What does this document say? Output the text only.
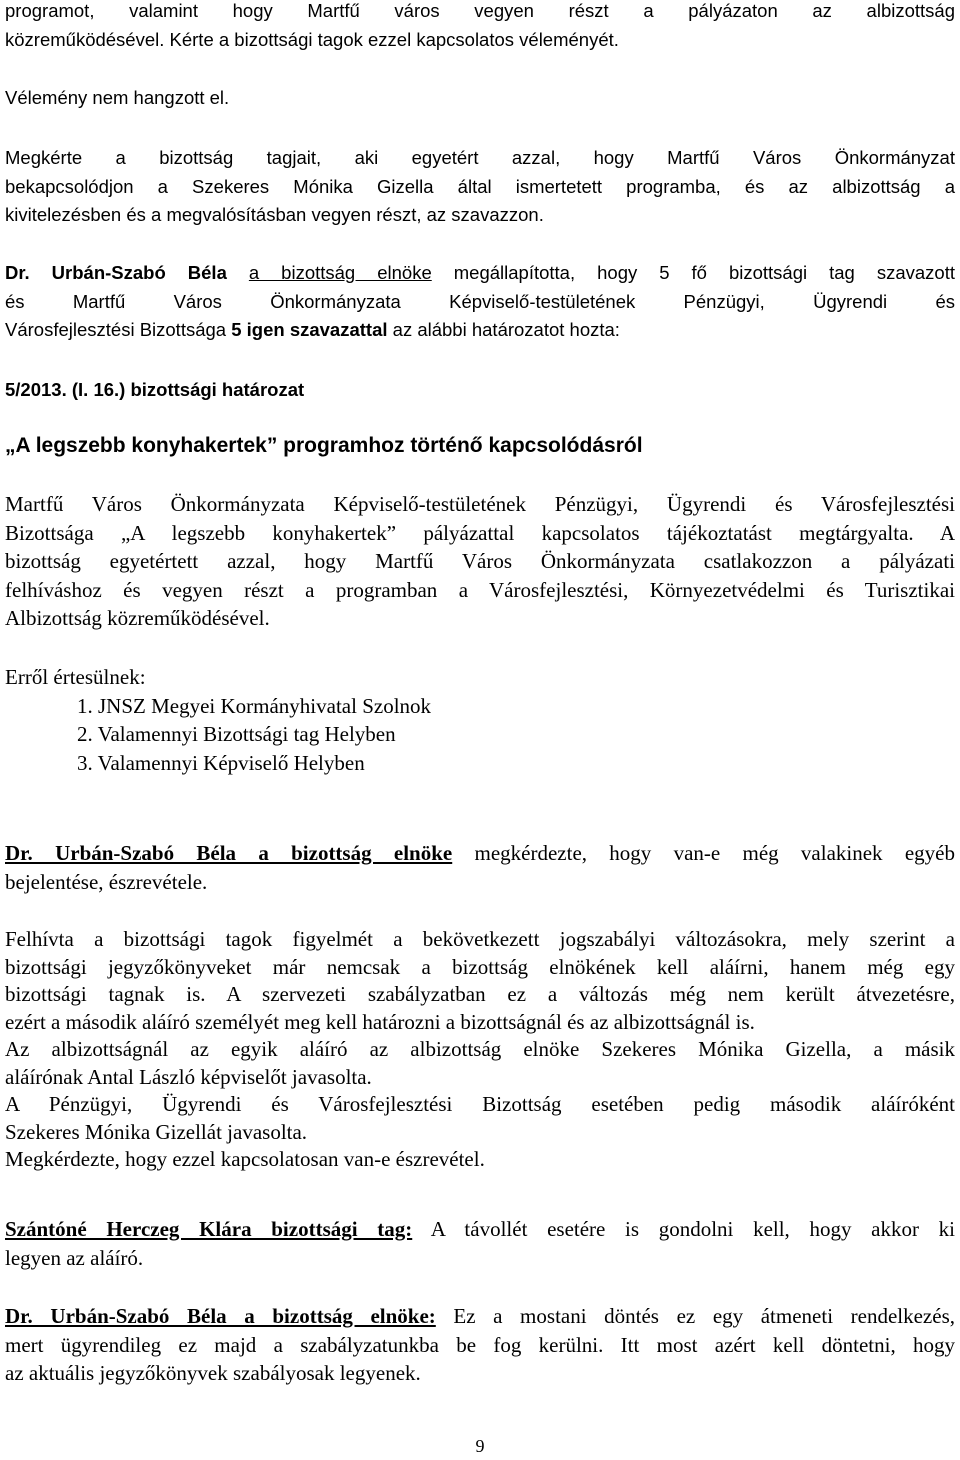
programot, valamint hogy Martfű város vegyen részt a pályázaton az albizottság

közreműködésével. Kérte a bizottsági tagok ezzel kapcsolatos véleményét.

Vélemény nem hangzott el.

Megkérte a bizottság tagjait, aki egyetért azzal, hogy Martfű Város Önkormányzat

bekapcsolódjon a Szekeres Mónika Gizella által ismertetett programba, és az albizottság a

kivitelezésben és a megvalósításban vegyen részt, az szavazzon.

Dr. Urbán-Szabó Béla a bizottság elnöke megállapította, hogy 5 fő bizottsági tag szavazott

és Martfű Város Önkormányzata Képviselő-testületének Pénzügyi, Ügyrendi és

Városfejlesztési Bizottsága 5 igen szavazattal az alábbi határozatot hozta:

5/2013. (I. 16.) bizottsági határozat
„A legszebb konyhakertek” programhoz történő kapcsolódásról

Martfű Város Önkormányzata Képviselő-testületének Pénzügyi, Ügyrendi és Városfejlesztési

Bizottsága „A legszebb konyhakertek” pályázattal kapcsolatos tájékoztatást megtárgyalta. A

bizottság egyetértett azzal, hogy Martfű Város Önkormányzata csatlakozzon a pályázati

felhíváshoz és vegyen részt a programban a Városfejlesztési, Környezetvédelmi és Turisztikai

Albizottság közreműködésével.

Erről értesülnek:

1. JNSZ Megyei Kormányhivatal Szolnok
2. Valamennyi Bizottsági tag Helyben
3. Valamennyi Képviselő Helyben

Dr. Urbán-Szabó Béla a bizottság elnöke megkérdezte, hogy van-e még valakinek egyéb

bejelentése, észrevétele.

Felhívta a bizottsági tagok figyelmét a bekövetkezett jogszabályi változásokra, mely szerint a

bizottsági jegyzőkönyveket már nemcsak a bizottság elnökének kell aláírni, hanem még egy

bizottsági tagnak is. A szervezeti szabályzatban ez a változás még nem került átvezetésre,

ezért a második aláíró személyét meg kell határozni a bizottságnál és az albizottságnál is.

Az albizottságnál az egyik aláíró az albizottság elnöke Szekeres Mónika Gizella, a másik

aláírónak Antal László képviselőt javasolta.

A Pénzügyi, Ügyrendi és Városfejlesztési Bizottság esetében pedig második aláíróként

Szekeres Mónika Gizellát javasolta.

Megkérdezte, hogy ezzel kapcsolatosan van-e észrevétel.

Szántóné Herczeg Klára bizottsági tag: A távollét esetére is gondolni kell, hogy akkor ki

legyen az aláíró.

Dr. Urbán-Szabó Béla a bizottság elnöke: Ez a mostani döntés ez egy átmeneti rendelkezés,

mert ügyrendileg ez majd a szabályzatunkba be fog kerülni. Itt most azért kell döntetni, hogy

az aktuális jegyzőkönyvek szabályosak legyenek.

9
